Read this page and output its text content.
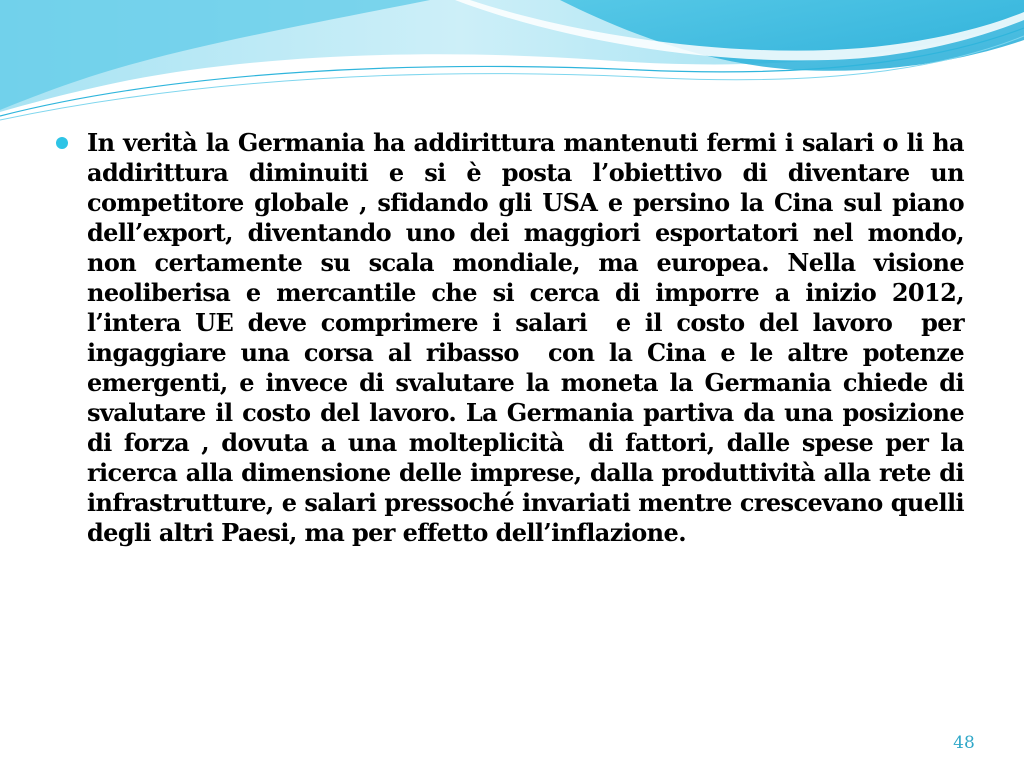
In verità la Germania ha addirittura mantenuti fermi i salari o li ha addirittura diminuiti e si è posta l’obiettivo di diventare un competitore globale , sfidando gli USA e persino la Cina sul piano dell’export, diventando uno dei maggiori esportatori nel mondo, non certamente su scala mondiale, ma europea. Nella visione neoliberisa e mercantile che si cerca di imporre a inizio 2012, l’intera UE deve comprimere i salari  e il costo del lavoro  per ingaggiare una corsa al ribasso  con la Cina e le altre potenze emergenti, e invece di svalutare la moneta la Germania chiede di svalutare il costo del lavoro. La Germania partiva da una posizione di forza , dovuta a una molteplicità  di fattori, dalle spese per la ricerca alla dimensione delle imprese, dalla produttività alla rete di infrastrutture, e salari pressoché invariati mentre crescevano quelli degli altri Paesi, ma per effetto dell’inflazione.

48
